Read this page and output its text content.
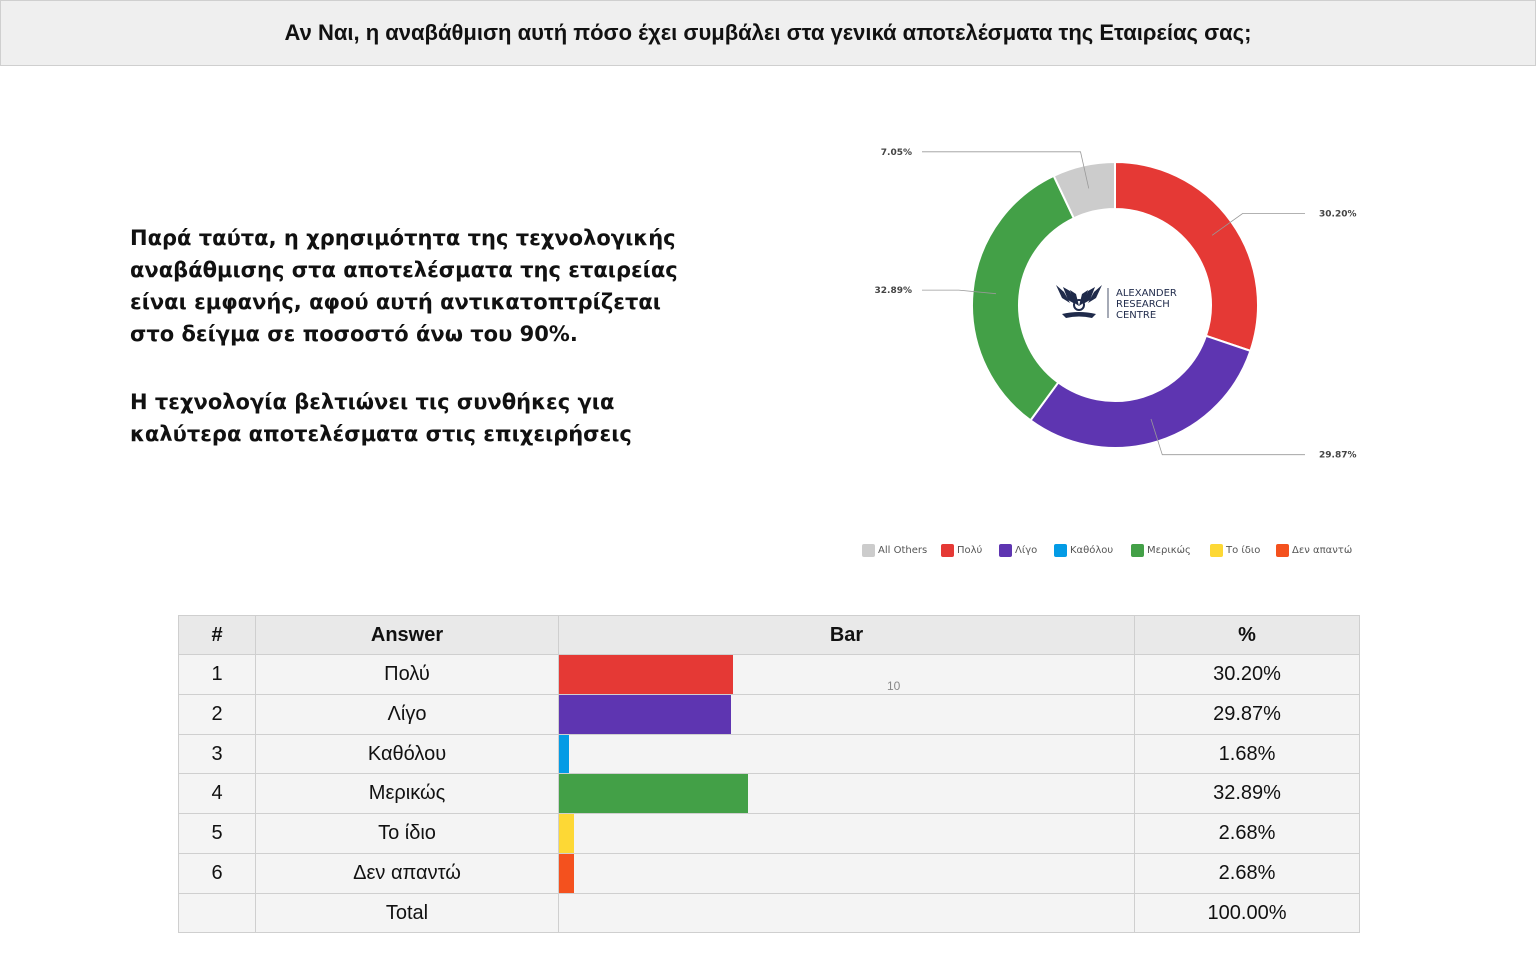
Αν Ναι, η αναβάθμιση αυτή πόσο έχει συμβάλει στα γενικά αποτελέσματα της Εταιρείας σας;

Παρά ταύτα, η χρησιμότητα της τεχνολογικής αναβάθμισης στα αποτελέσματα της εταιρείας είναι εμφανής, αφού αυτή αντικατοπτρίζεται στο δείγμα σε ποσοστό άνω του 90%.

Η τεχνολογία βελτιώνει τις συνθήκες για καλύτερα αποτελέσματα στις επιχειρήσεις

30.20%
29.87%
32.89%
7.05%
ALEXANDER
RESEARCH
CENTRE
All Others	Πολύ	Λίγο	Καθόλου	Μερικώς	Το ίδιο	Δεν απαντώ
#	Answer	Bar	%
1	Πολύ	10	30.20%
2	Λίγο		29.87%
3	Καθόλου		1.68%
4	Μερικώς		32.89%
5	Το ίδιο		2.68%
6	Δεν απαντώ		2.68%
	Total		100.00%
